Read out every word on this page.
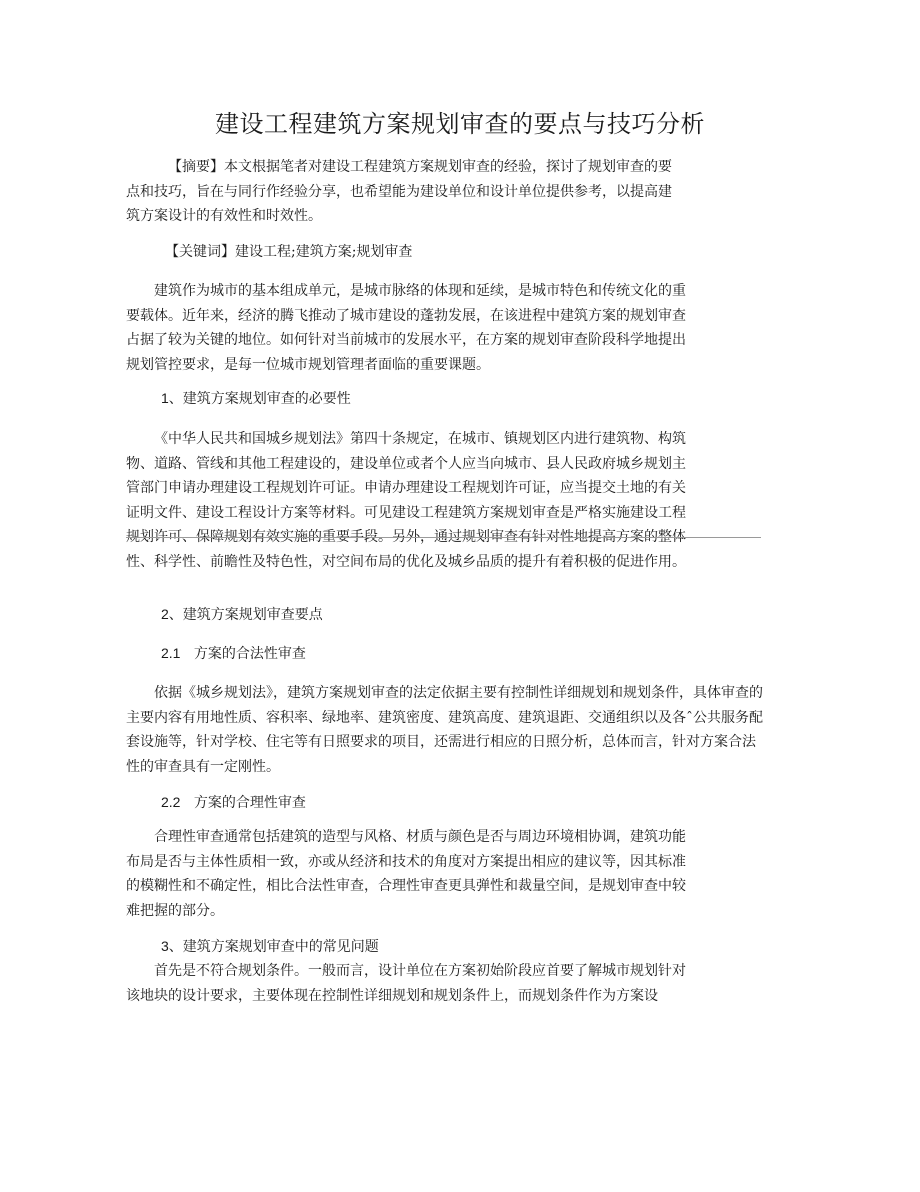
建设工程建筑方案规划审查的要点与技巧分析
【摘要】本文根据笔者对建设工程建筑方案规划审查的经验，探讨了规划审查的要点和技巧，旨在与同行作经验分享，也希望能为建设单位和设计单位提供参考，以提高建筑方案设计的有效性和时效性。
【关键词】建设工程;建筑方案;规划审查
建筑作为城市的基本组成单元，是城市脉络的体现和延续，是城市特色和传统文化的重要载体。近年来，经济的腾飞推动了城市建设的蓬勃发展，在该进程中建筑方案的规划审查占据了较为关键的地位。如何针对当前城市的发展水平，在方案的规划审查阶段科学地提出规划管控要求，是每一位城市规划管理者面临的重要课题。
1、建筑方案规划审查的必要性
《中华人民共和国城乡规划法》第四十条规定，在城市、镇规划区内进行建筑物、构筑物、道路、管线和其他工程建设的，建设单位或者个人应当向城市、县人民政府城乡规划主管部门申请办理建设工程规划许可证。申请办理建设工程规划许可证，应当提交土地的有关证明文件、建设工程设计方案等材料。可见建设工程建筑方案规划审查是严格实施建设工程规划许可、保障规划有效实施的重要手段。另外，通过规划审查有针对性地提高方案的整体性、科学性、前瞻性及特色性，对空间布局的优化及城乡品质的提升有着积极的促进作用。
2、建筑方案规划审查要点
2.1 方案的合法性审查
依据《城乡规划法》，建筑方案规划审查的法定依据主要有控制性详细规划和规划条件，具体审查的主要内容有用地性质、容积率、绿地率、建筑密度、建筑高度、建筑退距、交通组织以及各ˆ公共服务配套设施等，针对学校、住宅等有日照要求的项目，还需进行相应的日照分析，总体而言，针对方案合法性的审查具有一定刚性。
2.2 方案的合理性审查
合理性审查通常包括建筑的造型与风格、材质与颜色是否与周边环境相协调，建筑功能布局是否与主体性质相一致，亦或从经济和技术的角度对方案提出相应的建议等，因其标准的模糊性和不确定性，相比合法性审查，合理性审查更具弹性和裁量空间，是规划审查中较难把握的部分。
3、建筑方案规划审查中的常见问题
首先是不符合规划条件。一般而言，设计单位在方案初始阶段应首要了解城市规划针对该地块的设计要求，主要体现在控制性详细规划和规划条件上，而规划条件作为方案设
